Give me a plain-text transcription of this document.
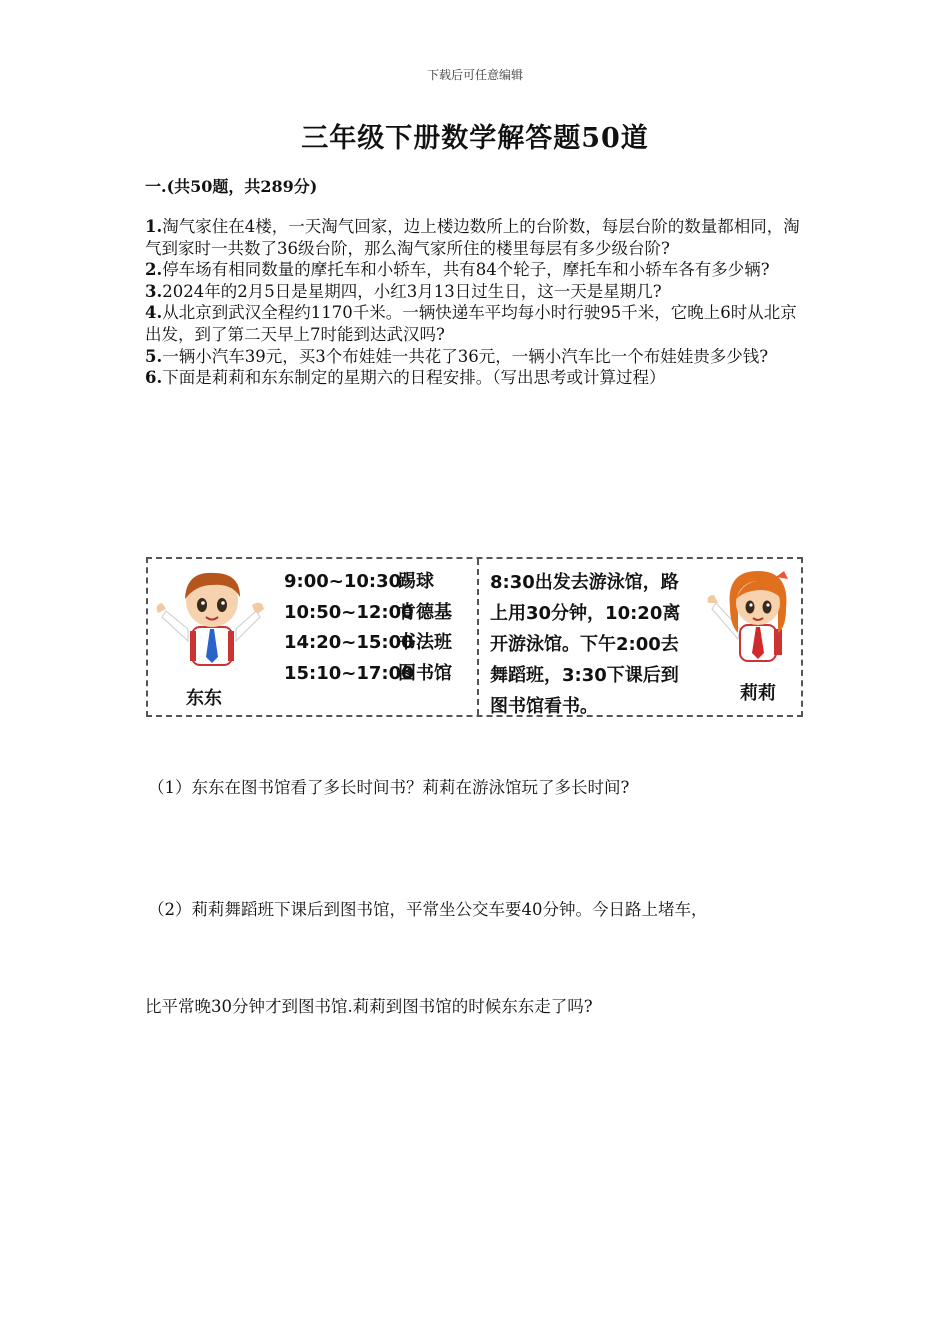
下载后可任意编辑
三年级下册数学解答题50道
一.(共50题，共289分)

1.淘气家住在4楼，一天淘气回家，边上楼边数所上的台阶数，每层台阶的数量都相同，淘气到家时一共数了36级台阶，那么淘气家所住的楼里每层有多少级台阶?

2.停车场有相同数量的摩托车和小轿车，共有84个轮子，摩托车和小轿车各有多少辆?

3.2024年的2月5日是星期四，小红3月13日过生日，这一天是星期几?

4.从北京到武汉全程约1170千米。一辆快递车平均每小时行驶95千米，它晚上6时从北京出发，到了第二天早上7时能到达武汉吗?

5.一辆小汽车39元，买3个布娃娃一共花了36元，一辆小汽车比一个布娃娃贵多少钱?

6.下面是莉莉和东东制定的星期六的日程安排。（写出思考或计算过程）

东东
9:00~10:30踢球
10:50~12:00肯德基
14:20~15:00书法班
15:10~17:00图书馆
8:30出发去游泳馆，路
上用30分钟，10:20离
开游泳馆。下午2:00去
舞蹈班，3:30下课后到
图书馆看书。
莉莉
（1）东东在图书馆看了多长时间书？莉莉在游泳馆玩了多长时间?
（2）莉莉舞蹈班下课后到图书馆，平常坐公交车要40分钟。今日路上堵车，
比平常晚30分钟才到图书馆.莉莉到图书馆的时候东东走了吗?
